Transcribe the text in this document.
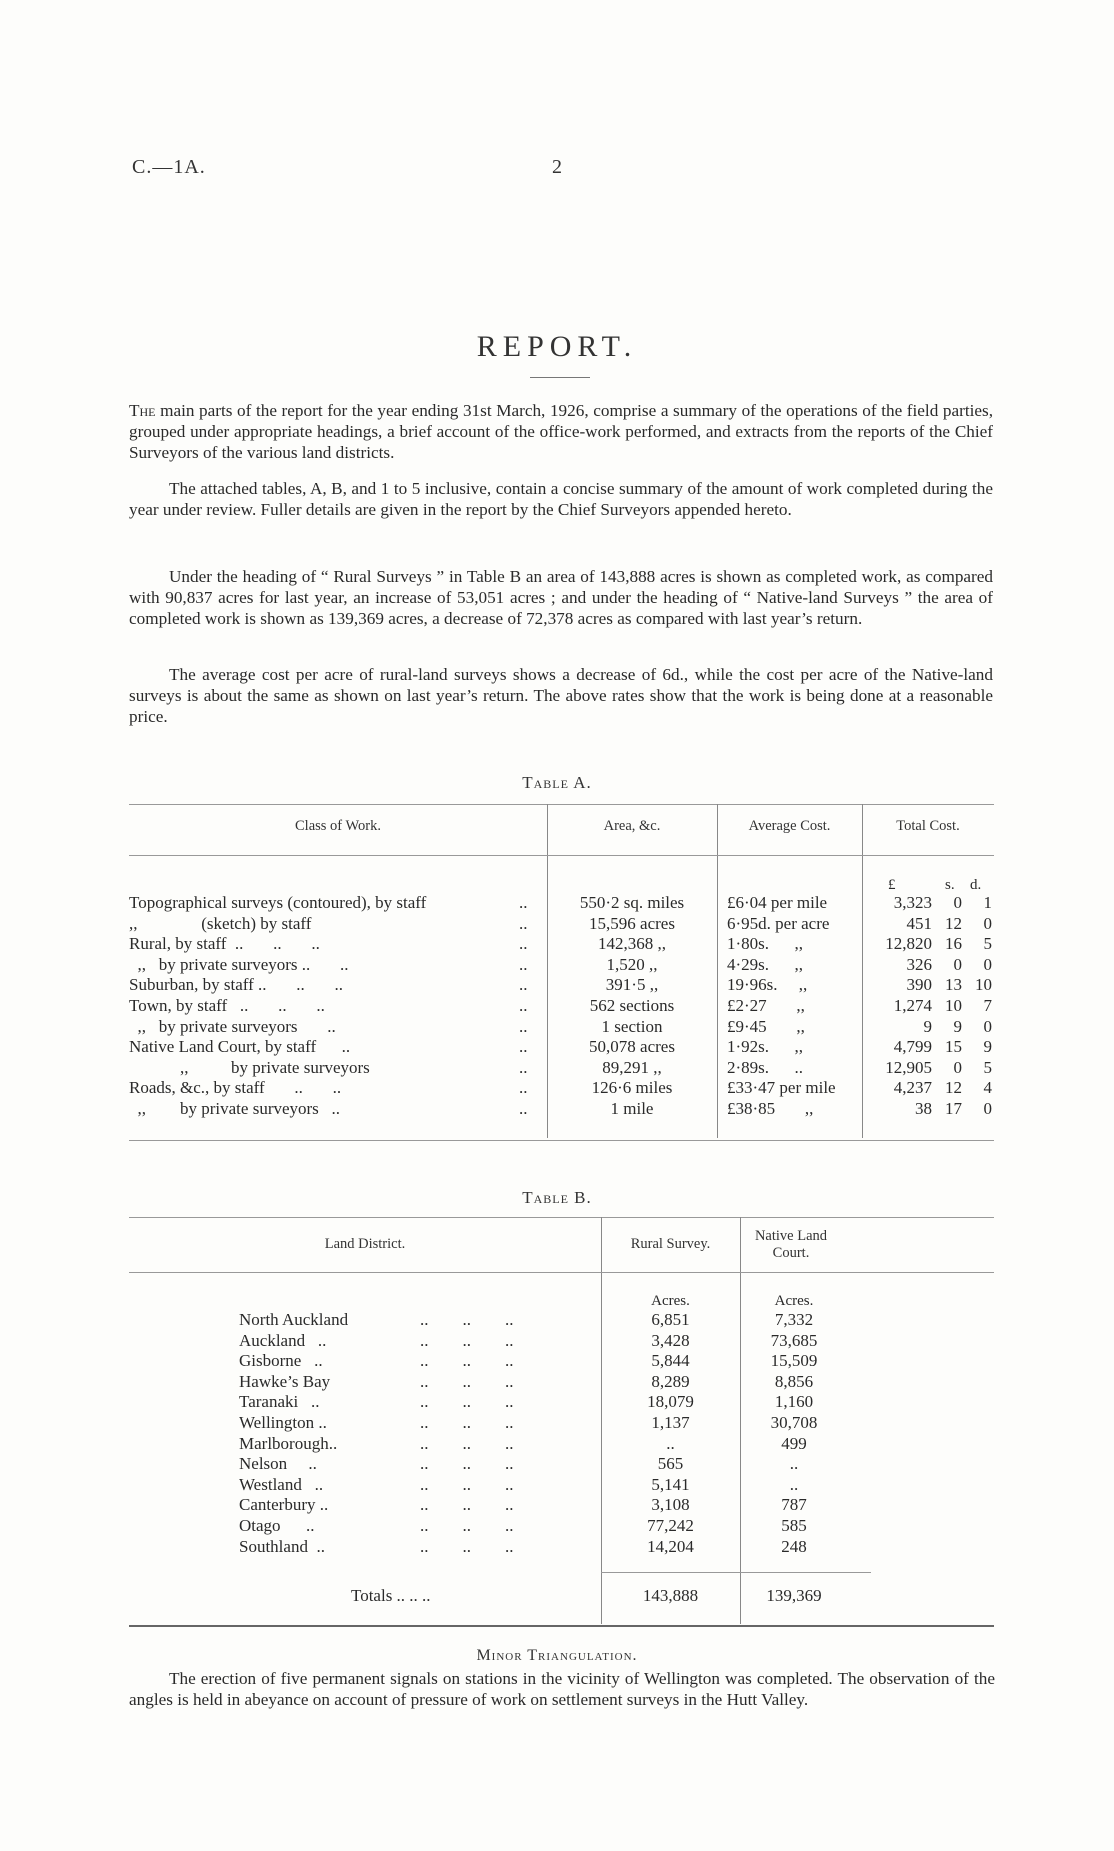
C.—1A.	2
REPORT.
The main parts of the report for the year ending 31st March, 1926, comprise a summary of the operations of the field parties, grouped under appropriate headings, a brief account of the office-work performed, and extracts from the reports of the Chief Surveyors of the various land districts.
The attached tables, A, B, and 1 to 5 inclusive, contain a concise summary of the amount of work completed during the year under review. Fuller details are given in the report by the Chief Surveyors appended hereto.
Under the heading of “ Rural Surveys ” in Table B an area of 143,888 acres is shown as completed work, as compared with 90,837 acres for last year, an increase of 53,051 acres ; and under the heading of “ Native-land Surveys ” the area of completed work is shown as 139,369 acres, a decrease of 72,378 acres as compared with last year’s return.
The average cost per acre of rural-land surveys shows a decrease of 6d., while the cost per acre of the Native-land surveys is about the same as shown on last year’s return. The above rates show that the work is being done at a reasonable price.
Table A.
Class of Work.	Area, &c.	Average Cost.	Total Cost.
£	s. d.
Topographical surveys (contoured), by staff	..	550·2 sq. miles	£6·04 per mile	3,323	0	1
,,               (sketch) by staff	..	15,596 acres	6·95d. per acre	451 12	0
Rural, by staff  ..       ..       ..	..	142,368 ,,	1·80s.      ,,	12,820 16	5
,,   by private surveyors ..       ..	..	1,520 ,,	4·29s.      ,,	326	0	0
Suburban, by staff ..       ..       ..	..	391·5 ,,	19·96s.     ,,	390 13 10
Town, by staff   ..       ..       ..	..	562 sections	£2·27       ,,	1,274 10	7
,,   by private surveyors       ..	..	1 section	£9·45       ,,	9	9	0
Native Land Court, by staff      ..	..	50,078 acres	1·92s.      ,,	4,799 15	9
,,          by private surveyors	..	89,291 ,,	2·89s.      ..	12,905	0	5
Roads, &c., by staff       ..       ..	..	126·6 miles	£33·47 per mile	4,237 12	4
,,        by private surveyors   ..	..	1 mile	£38·85       ,,	38 17	0
Table B.
Land District.	Rural Survey.	Native Land Court.
Acres.	Acres.
North Auckland	..        ..        ..	6,851	7,332
Auckland   ..	..        ..        ..	3,428	73,685
Gisborne   ..	..        ..        ..	5,844	15,509
Hawke’s Bay	..        ..        ..	8,289	8,856
Taranaki   ..	..        ..        ..	18,079	1,160
Wellington ..	..        ..        ..	1,137	30,708
Marlborough..	..        ..        ..	..	499
Nelson     ..	..        ..        ..	565	..
Westland   ..	..        ..        ..	5,141	..
Canterbury ..	..        ..        ..	3,108	787
Otago      ..	..        ..        ..	77,242	585
Southland  ..	..        ..        ..	14,204	248
Totals .. .. ..	143,888	139,369
Minor Triangulation.
The erection of five permanent signals on stations in the vicinity of Wellington was completed. The observation of the angles is held in abeyance on account of pressure of work on settlement surveys in the Hutt Valley.
